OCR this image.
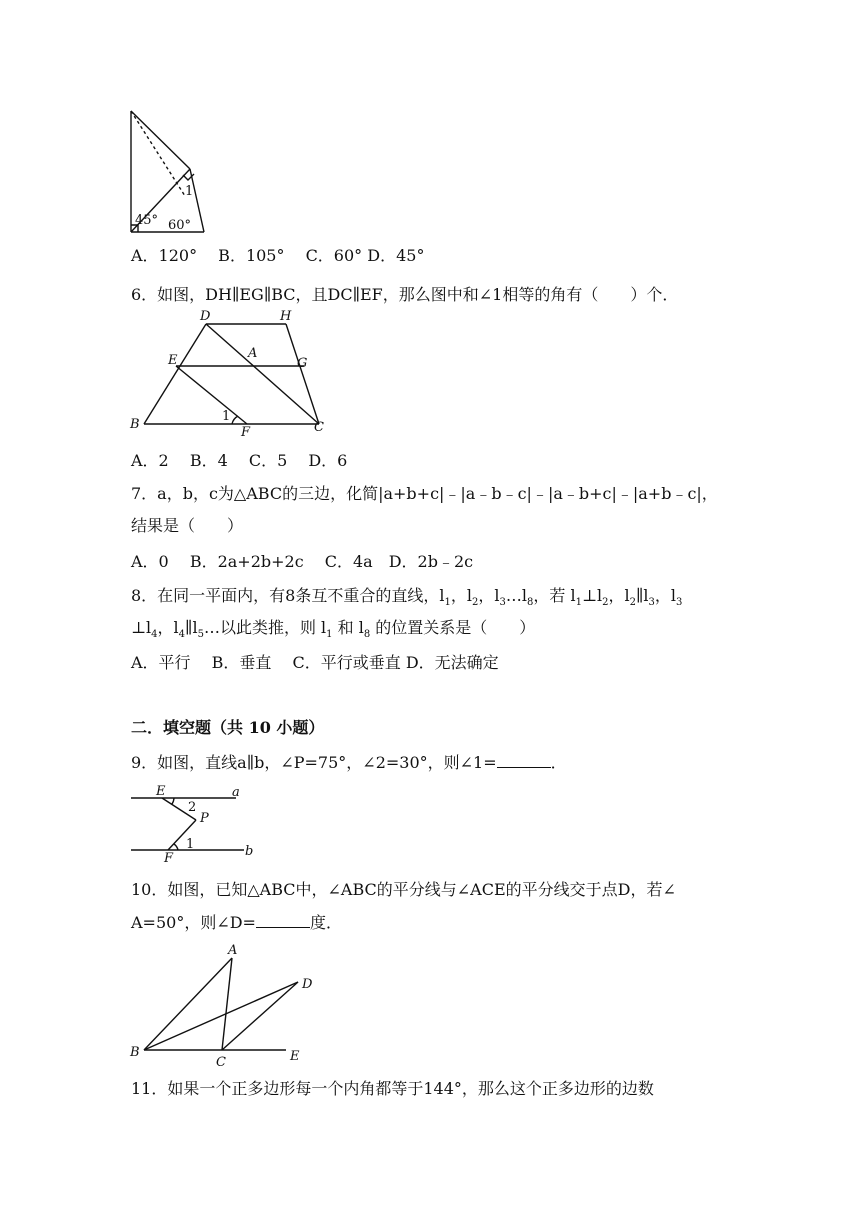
45° 60°
1
A．120°　 B．105°　 C．60° D．45°
6．如图，DH∥EG∥BC，且DC∥EF，那么图中和∠1相等的角有（　　）个．
D	H
E	A
G
B
F	C
1
A．2　 B．4　 C．5　 D．6
7．a，b，c为△ABC的三边，化简|a+b+c|﹣|a﹣b﹣c|﹣|a﹣b+c|﹣|a+b﹣c|，
结果是（　　）
A．0　 B．2a+2b+2c　 C．4a　D．2b﹣2c
8．在同一平面内，有8条互不重合的直线，$l_1$，$l_2$，$l_3\dots l_8$，若 $l_1\perp l_2$，$l_2\parallel l_3$，$l_3$
$\perp l_4$，$l_4\parallel l_5\dots$以此类推，则 $l_1$ 和 $l_8$ 的位置关系是（　　）
A．平行　 B．垂直　 C．平行或垂直 D．无法确定
二．填空题（共 10 小题）
9．如图，直线a∥b，∠P=75°，∠2=30°，则∠1=	．
E	a
2
P
1
F	b
10．如图，已知△ABC中，∠ABC的平分线与∠ACE的平分线交于点D，若∠
A=50°，则∠D=	度．
A
D
B
C	E
11．如果一个正多边形每一个内角都等于144°，那么这个正多边形的边数
